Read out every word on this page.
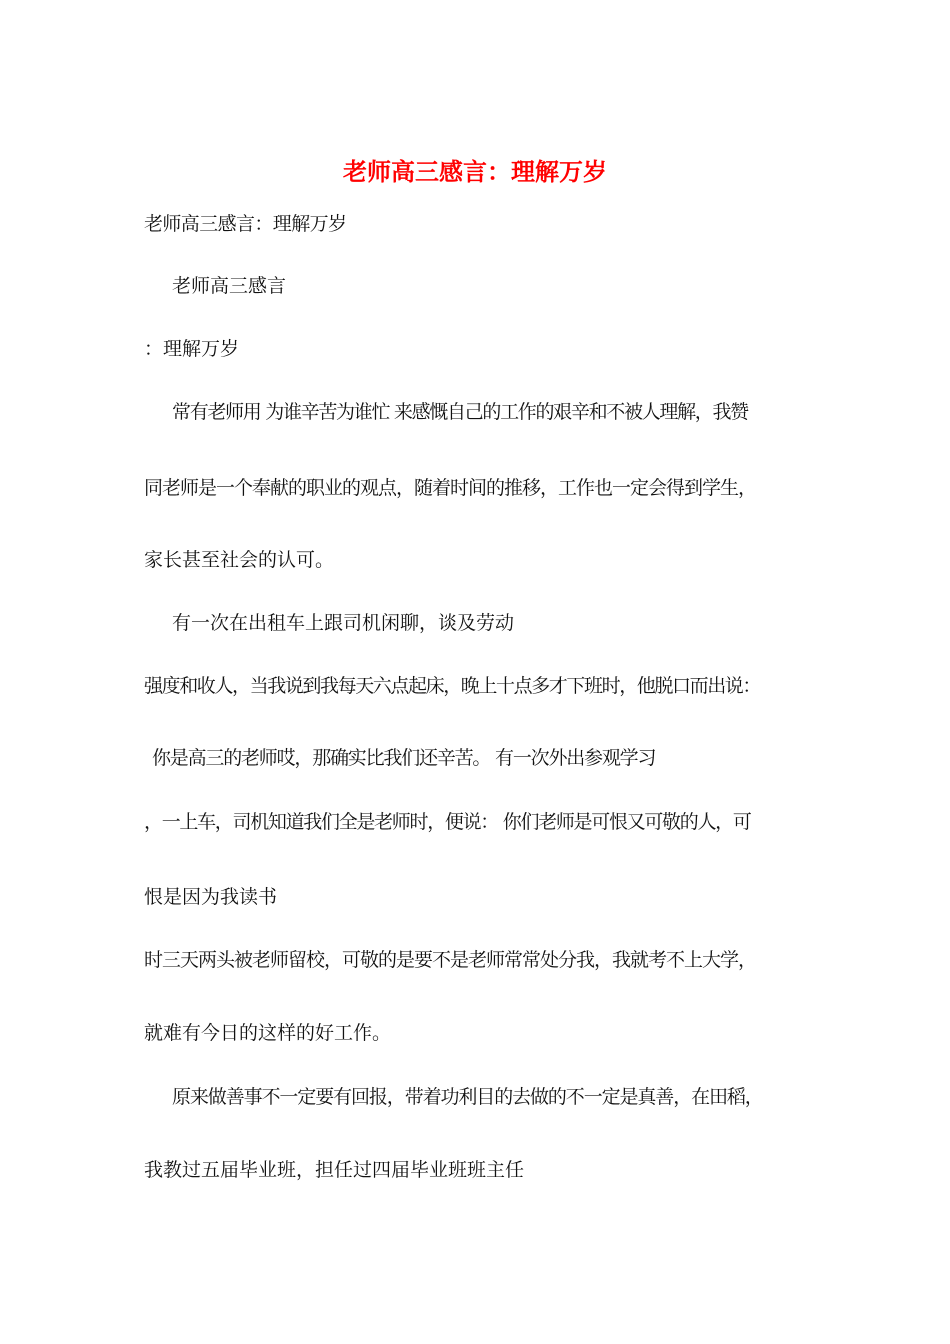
老师高三感言：理解万岁
老师高三感言：理解万岁
老师高三感言
：理解万岁
常有老师用 为谁辛苦为谁忙 来感慨自己的工作的艰辛和不被人理解，我赞
同老师是一个奉献的职业的观点，随着时间的推移，工作也一定会得到学生，
家长甚至社会的认可。
有一次在出租车上跟司机闲聊，谈及劳动
强度和收人，当我说到我每天六点起床，晚上十点多才下班时，他脱口而出说：
你是高三的老师哎，那确实比我们还辛苦。 有一次外出参观学习
，一上车，司机知道我们全是老师时，便说： 你们老师是可恨又可敬的人，可
恨是因为我读书
时三天两头被老师留校，可敬的是要不是老师常常处分我，我就考不上大学，
就难有今日的这样的好工作。
原来做善事不一定要有回报，带着功利目的去做的不一定是真善，在田稻，
我教过五届毕业班，担任过四届毕业班班主任
